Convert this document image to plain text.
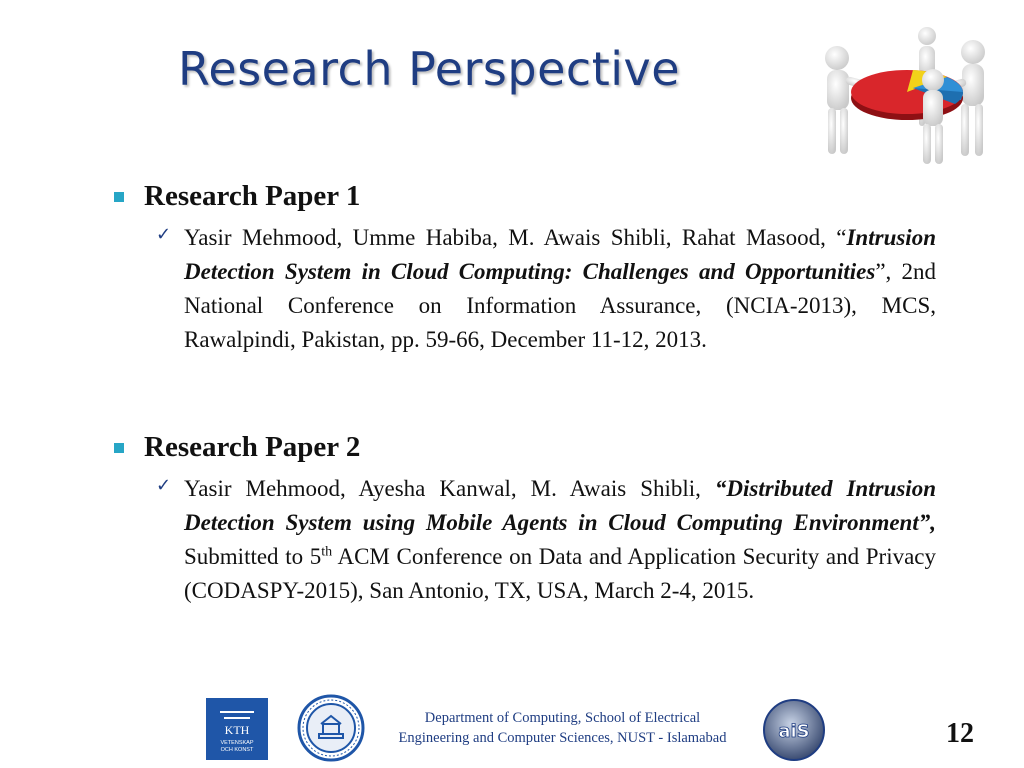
Research Perspective
Research Paper 1
✓ Yasir Mehmood, Umme Habiba, M. Awais Shibli, Rahat Masood, “Intrusion Detection System in Cloud Computing: Challenges and Opportunities”, 2nd National Conference on Information Assurance, (NCIA-2013), MCS, Rawalpindi, Pakistan, pp. 59-66, December 11-12, 2013.
Research Paper 2
✓ Yasir Mehmood, Ayesha Kanwal, M. Awais Shibli, “Distributed Intrusion Detection System using Mobile Agents in Cloud Computing Environment”, Submitted to 5th ACM Conference on Data and Application Security and Privacy (CODASPY-2015), San Antonio, TX, USA, March 2-4, 2015.
KTH
VETENSKAP
OCH KONST
Department of Computing, School of Electrical Engineering and Computer Sciences, NUST - Islamabad	aiS	12
